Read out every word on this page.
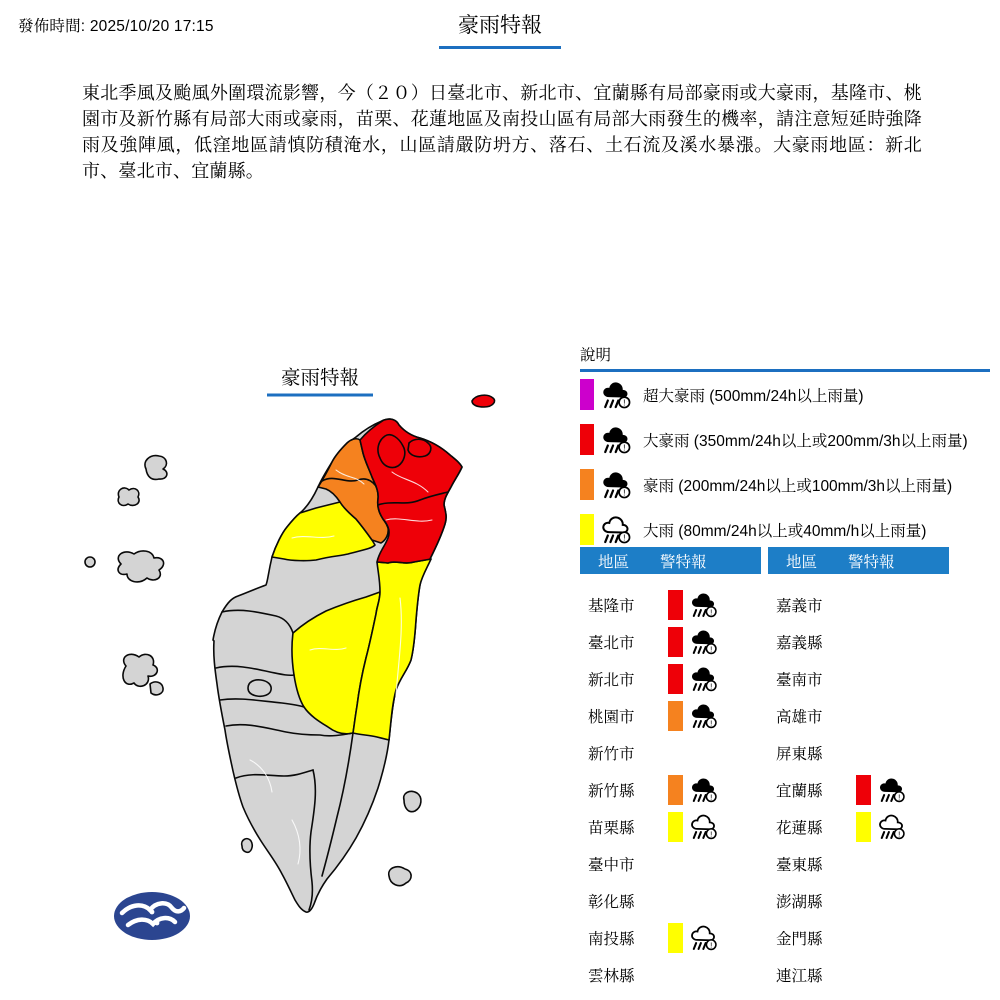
發佈時間: 2025/10/20 17:15	豪雨特報

東北季風及颱風外圍環流影響，今（２０）日臺北市、新北市、宜蘭縣有局部豪雨或大豪雨，基隆市、桃園市及新竹縣有局部大雨或豪雨，苗栗、花蓮地區及南投山區有局部大雨發生的機率，請注意短延時強降雨及強陣風，低窪地區請慎防積淹水，山區請嚴防坍方、落石、土石流及溪水暴漲。大豪雨地區：新北市、臺北市、宜蘭縣。

豪雨特報
說明
超大豪雨 (500mm/24h以上雨量)
大豪雨 (350mm/24h以上或200mm/3h以上雨量)
豪雨 (200mm/24h以上或100mm/3h以上雨量)
大雨 (80mm/24h以上或40mm/h以上雨量)
地區	警特報
基隆市
臺北市
新北市
桃園市
新竹市
新竹縣
苗栗縣
臺中市
彰化縣
南投縣
雲林縣
地區	警特報
嘉義市
嘉義縣
臺南市
高雄市
屏東縣
宜蘭縣
花蓮縣
臺東縣
澎湖縣
金門縣
連江縣
